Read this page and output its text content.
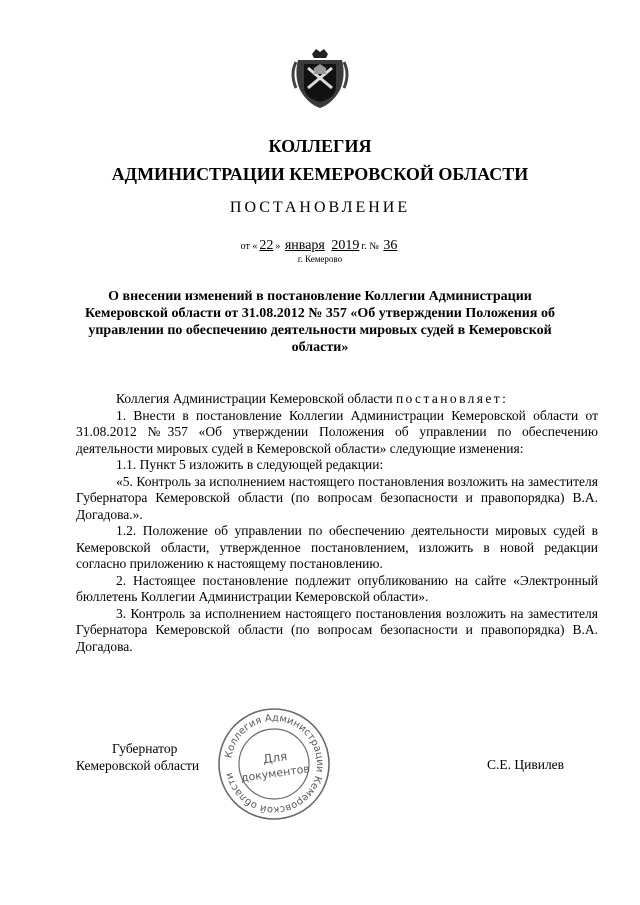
КОЛЛЕГИЯ
АДМИНИСТРАЦИИ КЕМЕРОВСКОЙ ОБЛАСТИ
ПОСТАНОВЛЕНИЕ
от « 22 » января 2019 г. № 36
г. Кемерово
О внесении изменений в постановление Коллегии Администрации Кемеровской области от 31.08.2012 № 357 «Об утверждении Положения об управлении по обеспечению деятельности мировых судей в Кемеровской области»

Коллегия Администрации Кемеровской области постановляет:

1. Внести в постановление Коллегии Администрации Кемеровской области от 31.08.2012 №357 «Об утверждении Положения об управлении по обеспечению деятельности мировых судей в Кемеровской области» следующие изменения:

1.1. Пункт 5 изложить в следующей редакции:

«5. Контроль за исполнением настоящего постановления возложить на заместителя Губернатора Кемеровской области (по вопросам безопасности и правопорядка) В.А. Догадова.».

1.2. Положение об управлении по обеспечению деятельности мировых судей в Кемеровской области, утвержденное постановлением, изложить в новой редакции согласно приложению к настоящему постановлению.

2. Настоящее постановление подлежит опубликованию на сайте «Электронный бюллетень Коллегии Администрации Кемеровской области».

3. Контроль за исполнением настоящего постановления возложить на заместителя Губернатора Кемеровской области (по вопросам безопасности и правопорядка) В.А. Догадова.

Губернатор
Кемеровской области	С.Е. Цивилев
Коллегия Администрации Кемеровской области
Для
документов
